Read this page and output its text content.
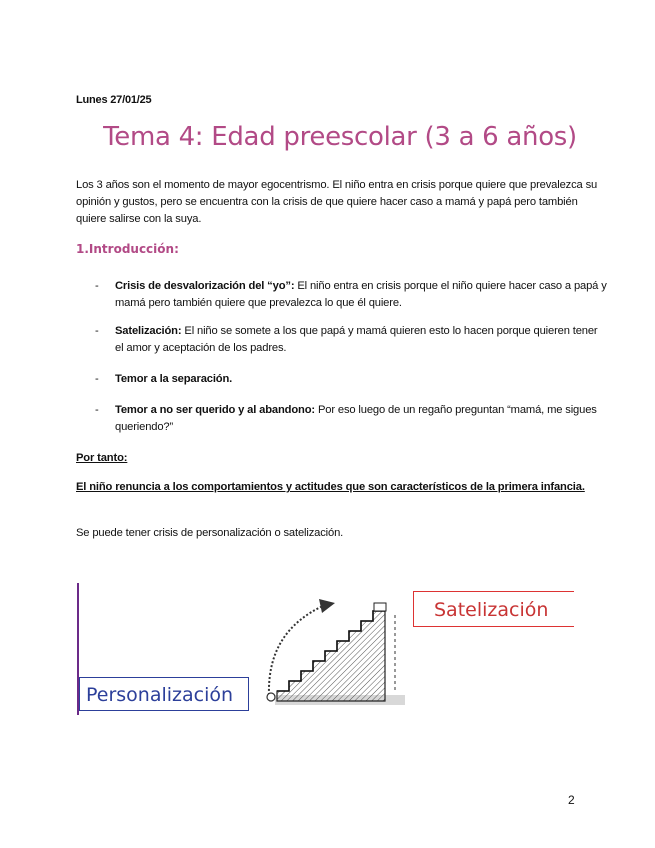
Lunes 27/01/25
Tema 4: Edad preescolar (3 a 6 años)
Los 3 años son el momento de mayor egocentrismo. El niño entra en crisis porque quiere que prevalezca su opinión y gustos, pero se encuentra con la crisis de que quiere hacer caso a mamá y papá pero también quiere salirse con la suya.
1.Introducción:
- Crisis de desvalorización del “yo”: El niño entra en crisis porque el niño quiere hacer caso a papá y mamá pero también quiere que prevalezca lo que él quiere.
- Satelización: El niño se somete a los que papá y mamá quieren esto lo hacen porque quieren tener el amor y aceptación de los padres.
- Temor a la separación.
- Temor a no ser querido y al abandono: Por eso luego de un regaño preguntan “mamá, me sigues queriendo?”
Por tanto:
El niño renuncia a los comportamientos y actitudes que son característicos de la primera infancia.
Se puede tener crisis de personalización o satelización.
Satelización
Personalización
2
